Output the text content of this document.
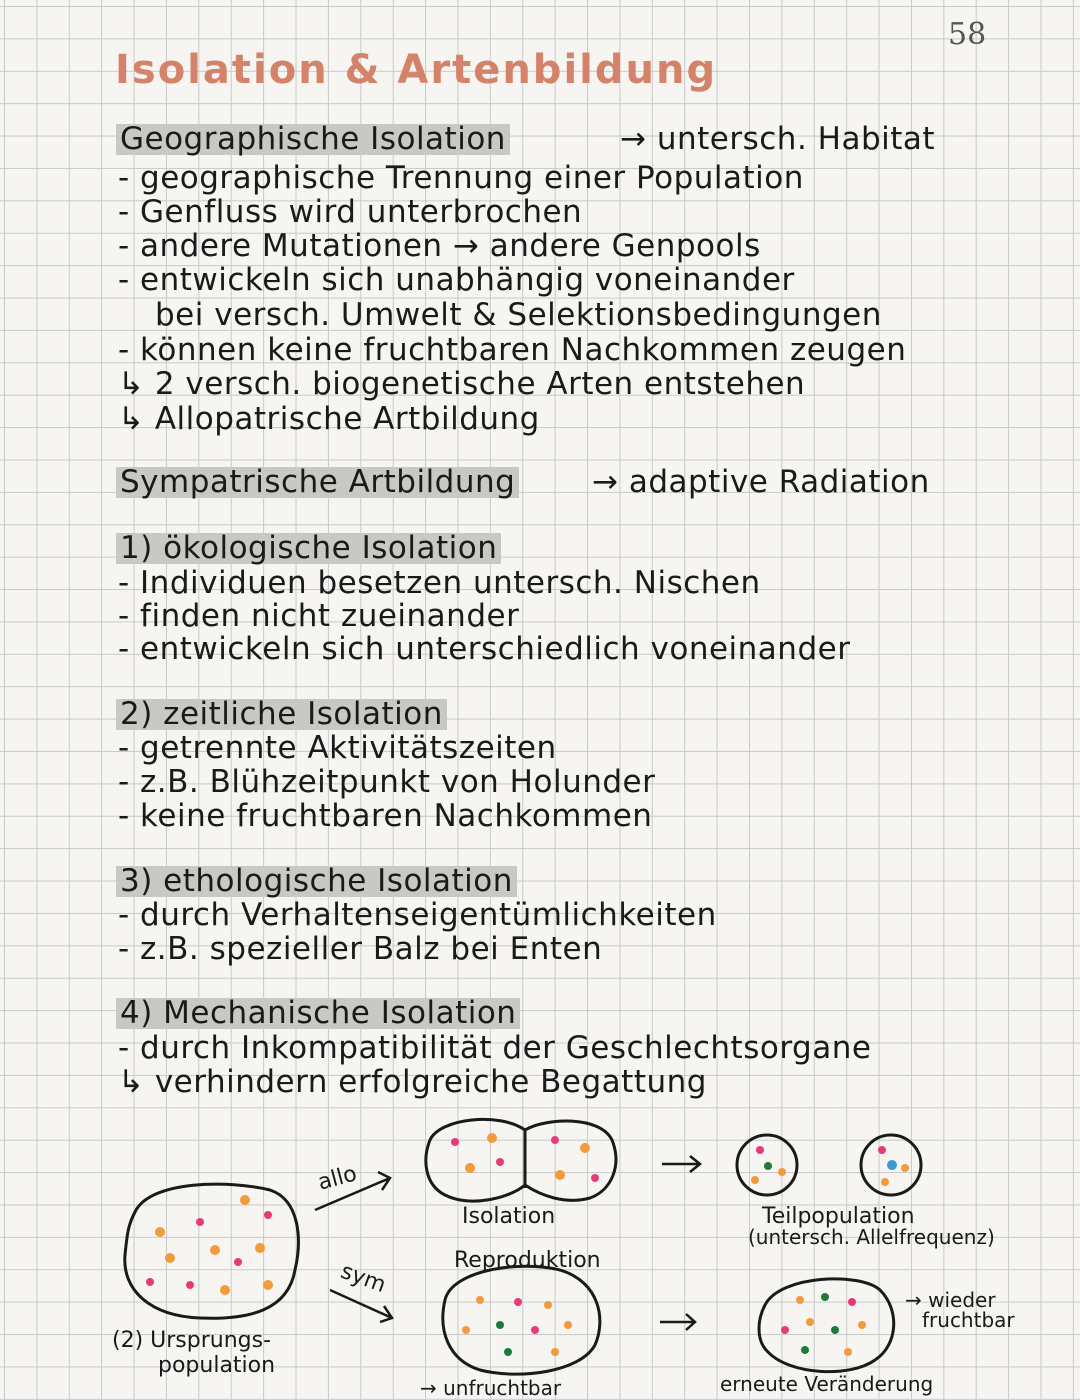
58
Isolation & Artenbildung
Geographische Isolation	→ untersch. Habitat
- geographische Trennung einer Population
- Genfluss wird unterbrochen
- andere Mutationen → andere Genpools
- entwickeln sich unabhängig voneinander
bei versch. Umwelt & Selektionsbedingungen
- können keine fruchtbaren Nachkommen zeugen
↳ 2 versch. biogenetische Arten entstehen
↳ Allopatrische Artbildung
Sympatrische Artbildung → adaptive Radiation
1) ökologische Isolation
- Individuen besetzen untersch. Nischen
- finden nicht zueinander
- entwickeln sich unterschiedlich voneinander
2) zeitliche Isolation
- getrennte Aktivitätszeiten
- z.B. Blühzeitpunkt von Holunder
- keine fruchtbaren Nachkommen
3) ethologische Isolation
- durch Verhaltenseigentümlichkeiten
- z.B. spezieller Balz bei Enten
4) Mechanische Isolation
- durch Inkompatibilität der Geschlechtsorgane
↳ verhindern erfolgreiche Begattung
allo
sym
Isolation
Reproduktion
Teilpopulation
(untersch. Allelfrequenz)
→ wieder
fruchtbar
→ unfruchtbar	erneute Veränderung
(2) Ursprungs-
population
